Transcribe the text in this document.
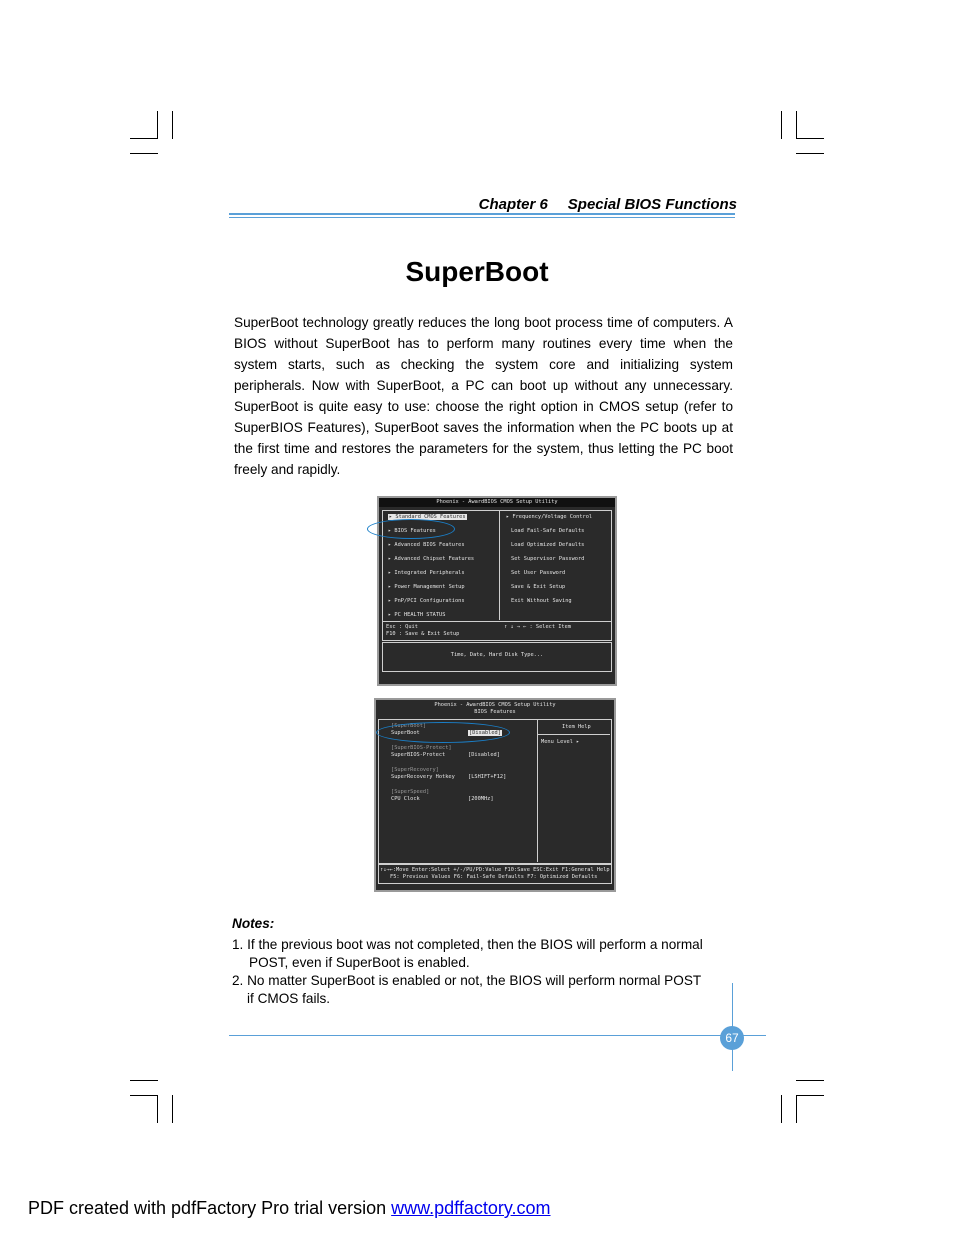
Chapter 6 Special BIOS Functions
SuperBoot
SuperBoot technology greatly reduces the long boot process time of computers. A BIOS without SuperBoot has to perform many routines every time when the system starts, such as checking the system core and initializing system peripherals. Now with SuperBoot, a PC can boot up without any unnecessary. SuperBoot is quite easy to use: choose the right option in CMOS setup (refer to SuperBIOS Features), SuperBoot saves the information when the PC boots up at the first time and restores the parameters for the system, thus letting the PC boot freely and rapidly.
Phoenix - AwardBIOS CMOS Setup Utility
▸ Standard CMOS Features
▸ BIOS Features
▸ Advanced BIOS Features
▸ Advanced Chipset Features
▸ Integrated Peripherals
▸ Power Management Setup
▸ PnP/PCI Configurations
▸ PC HEALTH STATUS
▸ Frequency/Voltage Control
Load Fail-Safe Defaults
Load Optimized Defaults
Set Supervisor Password
Set User Password
Save & Exit Setup
Exit Without Saving
Esc : Quit
F10 : Save & Exit Setup
↑ ↓ → ← : Select Item
Time, Date, Hard Disk Type...
Phoenix - AwardBIOS CMOS Setup Utility
BIOS Features
Item Help
Menu Level ▸
[SuperBoot]
SuperBoot	[Disabled]
[SuperBIOS-Protect]
SuperBIOS-Protect	[Disabled]
[SuperRecovery]
SuperRecovery Hotkey [LSHIFT+F12]
[SuperSpeed]
CPU Clock	[200MHz]
↑↓→←:Move Enter:Select +/-/PU/PD:Value F10:Save ESC:Exit F1:General Help
F5: Previous Values F6: Fail-Safe Defaults F7: Optimized Defaults
Notes:
1. If the previous boot was not completed, then the BIOS will perform a normal
POST, even if SuperBoot is enabled.
2. No matter SuperBoot is enabled or not, the BIOS will perform normal POST
if CMOS fails.
67
PDF created with pdfFactory Pro trial version www.pdffactory.com
